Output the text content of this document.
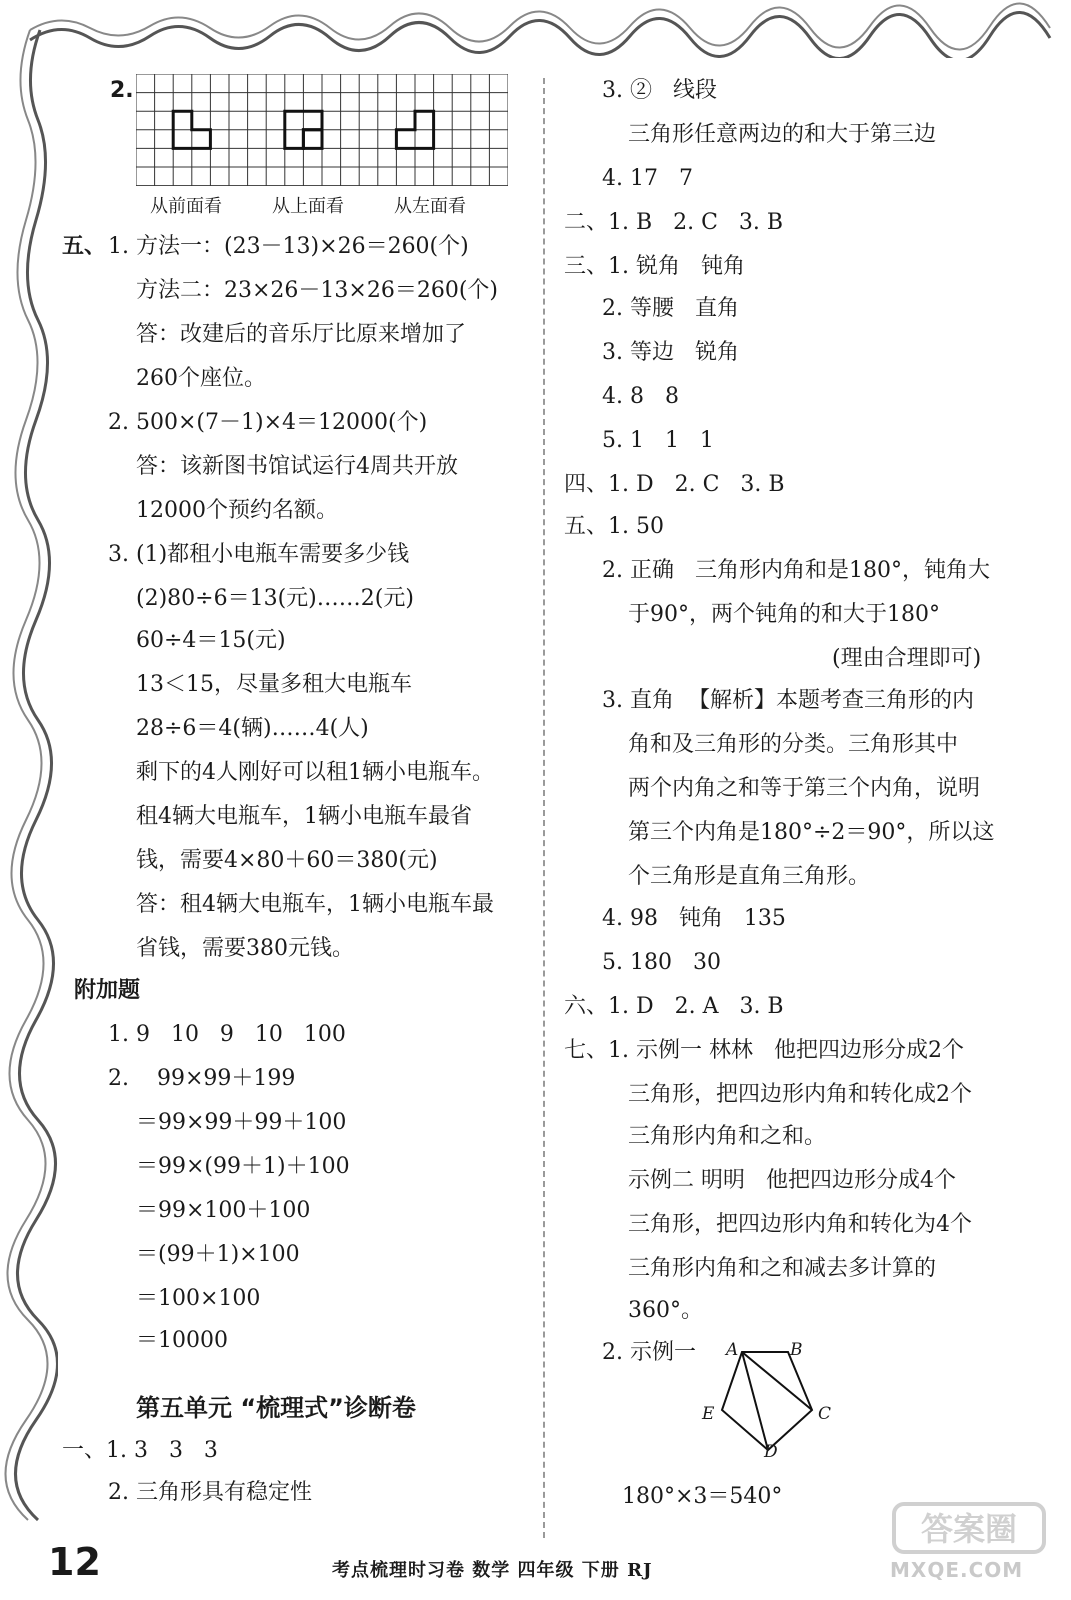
2.
从前面看	从上面看	从左面看
五、 1. 方法一：(23－13)×26＝260(个)
方法二：23×26－13×26＝260(个)
答：改建后的音乐厅比原来增加了
260个座位。
2. 500×(7－1)×4＝12000(个)
答：该新图书馆试运行4周共开放
12000个预约名额。
3. (1)都租小电瓶车需要多少钱
(2)80÷6＝13(元)……2(元)
60÷4＝15(元)
13＜15，尽量多租大电瓶车
28÷6＝4(辆)……4(人)
剩下的4人刚好可以租1辆小电瓶车。
租4辆大电瓶车，1辆小电瓶车最省
钱，需要4×80＋60＝380(元)
答：租4辆大电瓶车，1辆小电瓶车最
省钱，需要380元钱。
附加题
1. 9   10   9   10   100
2.    99×99＋199
＝99×99＋99＋100
＝99×(99＋1)＋100
＝99×100＋100
＝(99＋1)×100
＝100×100
＝10000
第五单元 “梳理式”诊断卷
一、1. 3   3   3
2. 三角形具有稳定性
3. ②   线段
三角形任意两边的和大于第三边
4. 17   7
二、1. B   2. C   3. B
三、1. 锐角   钝角
2. 等腰   直角
3. 等边   锐角
4. 8   8
5. 1   1   1
四、1. D   2. C   3. B
五、1. 50
2. 正确   三角形内角和是180°，钝角大
于90°，两个钝角的和大于180°
(理由合理即可)
3. 直角  【解析】本题考查三角形的内
角和及三角形的分类。三角形其中
两个内角之和等于第三个内角，说明
第三个内角是180°÷2＝90°，所以这
个三角形是直角三角形。
4. 98   钝角   135
5. 180   30
六、1. D   2. A   3. B
七、1. 示例一 林林   他把四边形分成2个
三角形，把四边形内角和转化成2个
三角形内角和之和。
示例二 明明   他把四边形分成4个
三角形，把四边形内角和转化为4个
三角形内角和之和减去多计算的
360°。
2. 示例一 A	B
C
D
E
180°×3＝540°
12	考点梳理时习卷 数学 四年级 下册 RJ
答案圈
MXQE.COM
